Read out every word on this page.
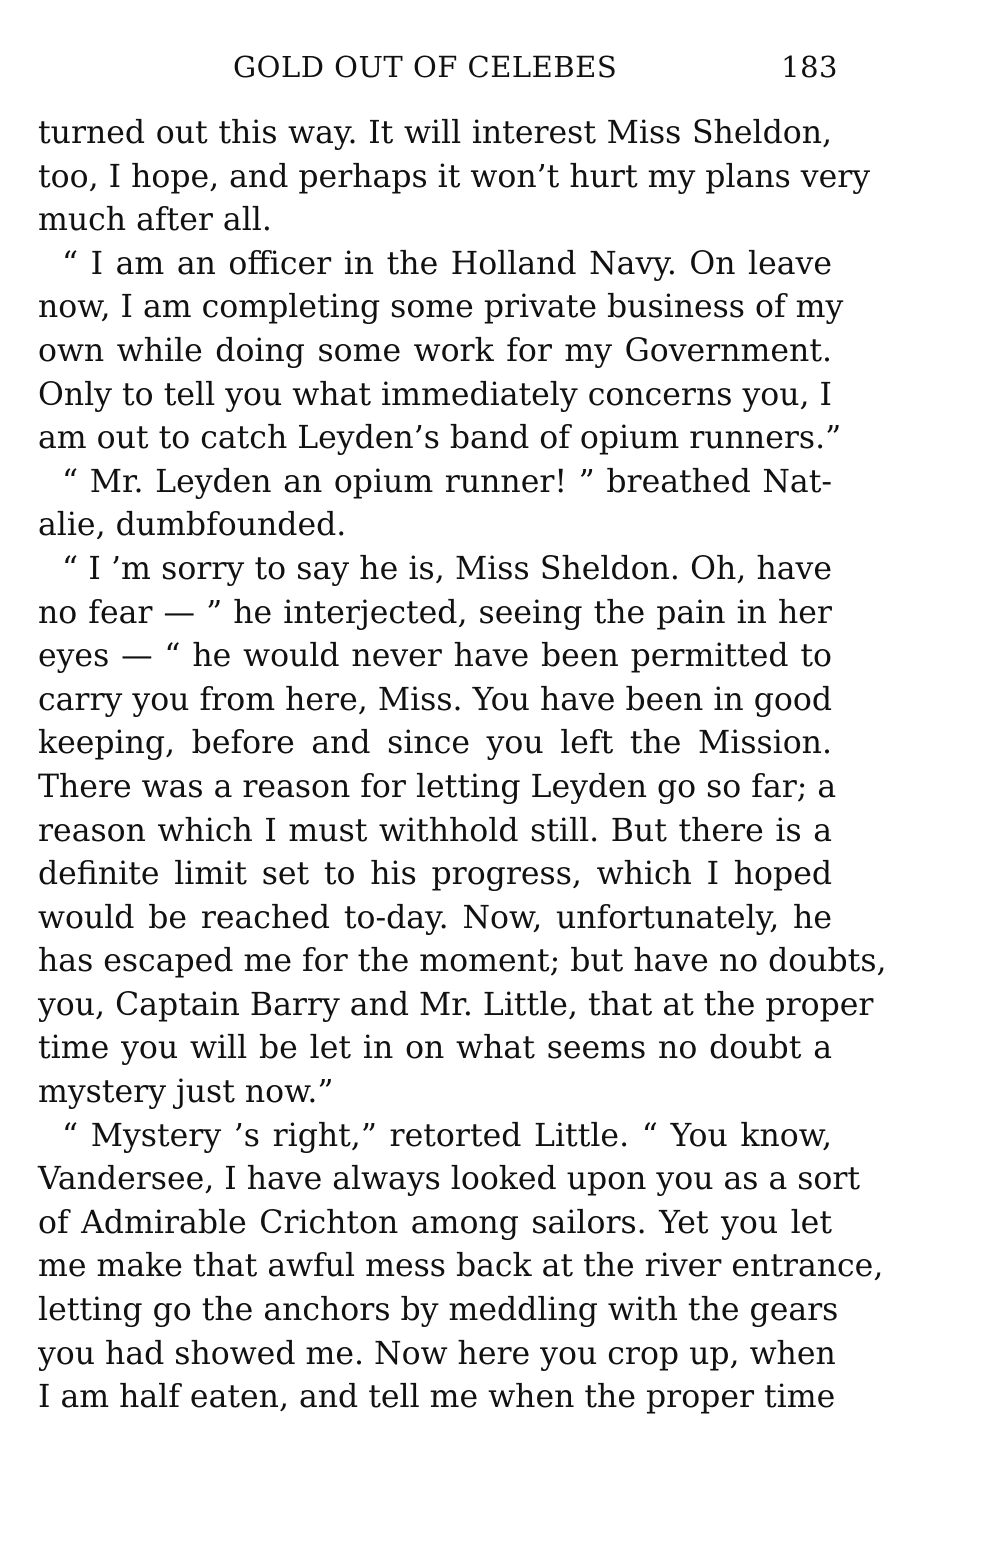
GOLD OUT OF CELEBES	183
turned out this way. It will interest Miss Sheldon,
too, I hope, and perhaps it won’t hurt my plans very
much after all.
“ I am an officer in the Holland Navy. On leave
now, I am completing some private business of my
own while doing some work for my Government.
Only to tell you what immediately concerns you, I
am out to catch Leyden’s band of opium runners.”
“ Mr. Leyden an opium runner! ” breathed Nat-
alie, dumbfounded.
“ I ’m sorry to say he is, Miss Sheldon. Oh, have
no fear — ” he interjected, seeing the pain in her
eyes — “ he would never have been permitted to
carry you from here, Miss. You have been in good
keeping, before and since you left the Mission.
There was a reason for letting Leyden go so far; a
reason which I must withhold still. But there is a
definite limit set to his progress, which I hoped
would be reached to-day. Now, unfortunately, he
has escaped me for the moment; but have no doubts,
you, Captain Barry and Mr. Little, that at the proper
time you will be let in on what seems no doubt a
mystery just now.”
“ Mystery ’s right,” retorted Little. “ You know,
Vandersee, I have always looked upon you as a sort
of Admirable Crichton among sailors. Yet you let
me make that awful mess back at the river entrance,
letting go the anchors by meddling with the gears
you had showed me. Now here you crop up, when
I am half eaten, and tell me when the proper time
